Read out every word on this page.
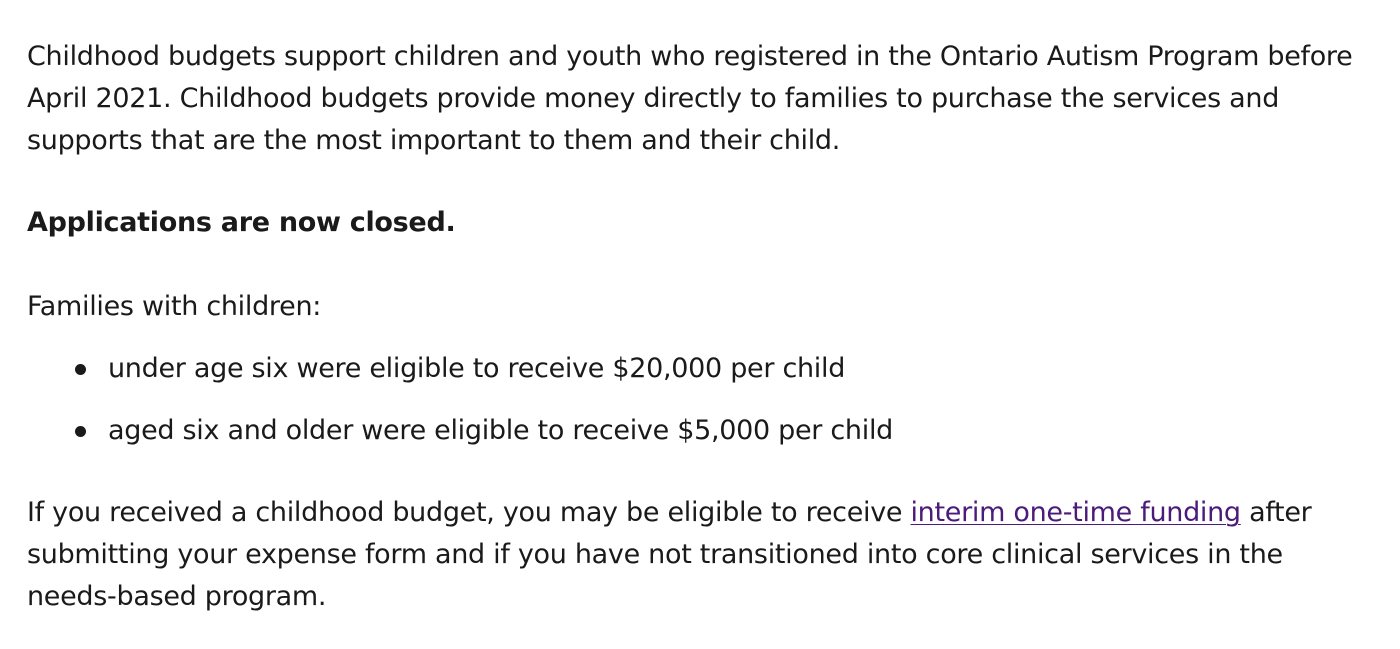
Childhood budgets support children and youth who registered in the Ontario Autism Program before April 2021. Childhood budgets provide money directly to families to purchase the services and supports that are the most important to them and their child.

Applications are now closed.

Families with children:

under age six were eligible to receive $20,000 per child
aged six and older were eligible to receive $5,000 per child

If you received a childhood budget, you may be eligible to receive interim one-time funding after submitting your expense form and if you have not transitioned into core clinical services in the needs-based program.
